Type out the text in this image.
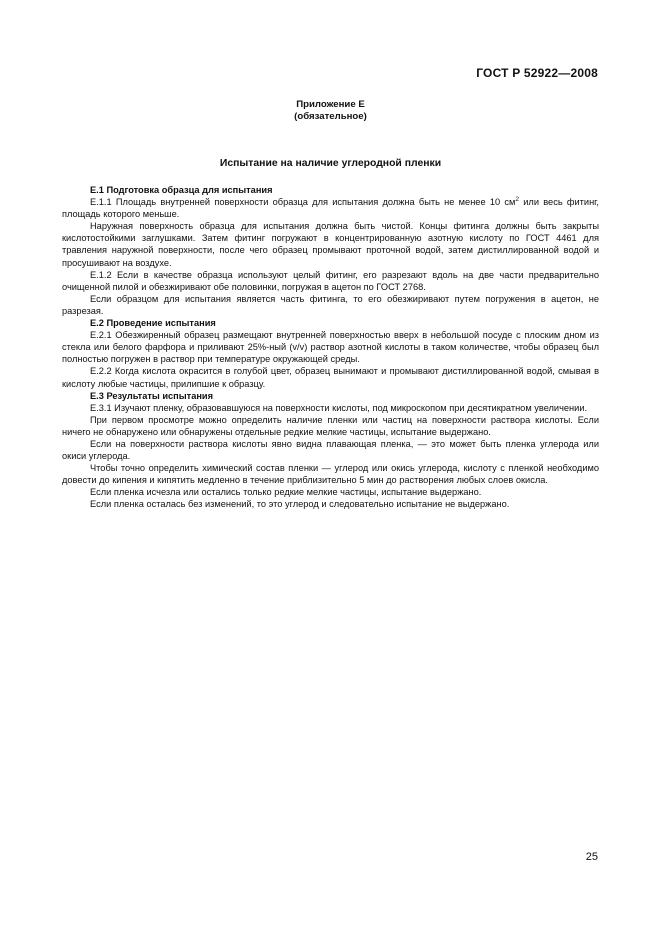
ГОСТ Р 52922—2008
Приложение Е
(обязательное)
Испытание на наличие углеродной пленки

Е.1 Подготовка образца для испытания

Е.1.1 Площадь внутренней поверхности образца для испытания должна быть не менее 10 $см^2$ или весь фитинг, площадь которого меньше.

Наружная поверхность образца для испытания должна быть чистой. Концы фитинга должны быть закрыты кислотостойкими заглушками. Затем фитинг погружают в концентрированную азотную кислоту по ГОСТ 4461 для травления наружной поверхности, после чего образец промывают проточной водой, затем дистиллированной водой и просушивают на воздухе.

Е.1.2 Если в качестве образца используют целый фитинг, его разрезают вдоль на две части предварительно очищенной пилой и обезжиривают обе половинки, погружая в ацетон по ГОСТ 2768.

Если образцом для испытания является часть фитинга, то его обезжиривают путем погружения в ацетон, не разрезая.

Е.2 Проведение испытания

Е.2.1 Обезжиренный образец размещают внутренней поверхностью вверх в небольшой посуде с плоским дном из стекла или белого фарфора и приливают 25%-ный (v/v) раствор азотной кислоты в таком количестве, чтобы образец был полностью погружен в раствор при температуре окружающей среды.

Е.2.2 Когда кислота окрасится в голубой цвет, образец вынимают и промывают дистиллированной водой, смывая в кислоту любые частицы, прилипшие к образцу.

Е.3 Результаты испытания

Е.3.1 Изучают пленку, образовавшуюся на поверхности кислоты, под микроскопом при десятикратном увеличении.

При первом просмотре можно определить наличие пленки или частиц на поверхности раствора кислоты. Если ничего не обнаружено или обнаружены отдельные редкие мелкие частицы, испытание выдержано.

Если на поверхности раствора кислоты явно видна плавающая пленка, — это может быть пленка углерода или окиси углерода.

Чтобы точно определить химический состав пленки — углерод или окись углерода, кислоту с пленкой необходимо довести до кипения и кипятить медленно в течение приблизительно 5 мин до растворения любых слоев окисла.

Если пленка исчезла или остались только редкие мелкие частицы, испытание выдержано.

Если пленка осталась без изменений, то это углерод и следовательно испытание не выдержано.

25
